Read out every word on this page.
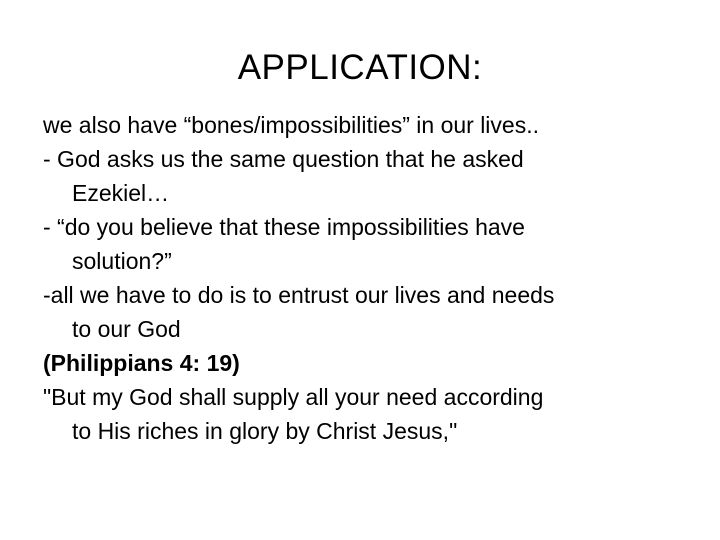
APPLICATION:
we also have “bones/impossibilities” in our lives..
- God asks us the same question that he asked
Ezekiel…
- “do you believe that these impossibilities have
solution?”
-all we have to do is to entrust our lives and needs
to our God
(Philippians 4: 19)
"But my God shall supply all your need according
to His riches in glory by Christ Jesus,"
